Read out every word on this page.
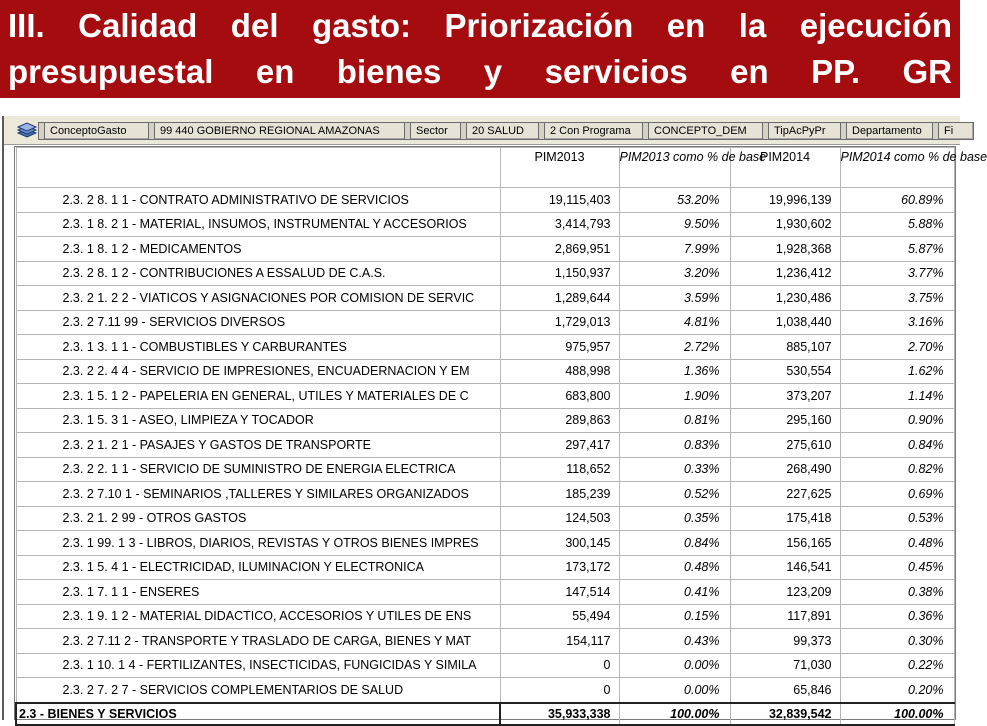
III. Calidad del gasto: Priorización en la ejecución
presupuestal en bienes y servicios en PP. GR
ConceptoGasto	99 440 GOBIERNO REGIONAL AMAZONAS	Sector	20 SALUD	2 Con Programa	CONCEPTO_DEM	TipAcPyPr	Departamento	Fi
	PIM2013	PIM2013 como % de base	PIM2014	PIM2014 como % de base
2.3. 2 8. 1 1 - CONTRATO ADMINISTRATIVO DE SERVICIOS	19,115,403	53.20%	19,996,139	60.89%
2.3. 1 8. 2 1 - MATERIAL, INSUMOS, INSTRUMENTAL Y ACCESORIOS	3,414,793	9.50%	1,930,602	5.88%
2.3. 1 8. 1 2 - MEDICAMENTOS	2,869,951	7.99%	1,928,368	5.87%
2.3. 2 8. 1 2 - CONTRIBUCIONES A ESSALUD DE C.A.S.	1,150,937	3.20%	1,236,412	3.77%
2.3. 2 1. 2 2 - VIATICOS Y ASIGNACIONES POR COMISION DE SERVIC	1,289,644	3.59%	1,230,486	3.75%
2.3. 2 7.11 99 - SERVICIOS DIVERSOS	1,729,013	4.81%	1,038,440	3.16%
2.3. 1 3. 1 1 - COMBUSTIBLES Y CARBURANTES	975,957	2.72%	885,107	2.70%
2.3. 2 2. 4 4 - SERVICIO DE IMPRESIONES, ENCUADERNACION Y EM	488,998	1.36%	530,554	1.62%
2.3. 1 5. 1 2 - PAPELERIA EN GENERAL, UTILES Y MATERIALES DE C	683,800	1.90%	373,207	1.14%
2.3. 1 5. 3 1 - ASEO, LIMPIEZA Y TOCADOR	289,863	0.81%	295,160	0.90%
2.3. 2 1. 2 1 - PASAJES Y GASTOS DE TRANSPORTE	297,417	0.83%	275,610	0.84%
2.3. 2 2. 1 1 - SERVICIO DE SUMINISTRO DE ENERGIA ELECTRICA	118,652	0.33%	268,490	0.82%
2.3. 2 7.10 1 - SEMINARIOS ,TALLERES Y SIMILARES ORGANIZADOS	185,239	0.52%	227,625	0.69%
2.3. 2 1. 2 99 - OTROS GASTOS	124,503	0.35%	175,418	0.53%
2.3. 1 99. 1 3 - LIBROS, DIARIOS, REVISTAS Y OTROS BIENES IMPRES	300,145	0.84%	156,165	0.48%
2.3. 1 5. 4 1 - ELECTRICIDAD, ILUMINACION Y ELECTRONICA	173,172	0.48%	146,541	0.45%
2.3. 1 7. 1 1 - ENSERES	147,514	0.41%	123,209	0.38%
2.3. 1 9. 1 2 - MATERIAL DIDACTICO, ACCESORIOS Y UTILES DE ENS	55,494	0.15%	117,891	0.36%
2.3. 2 7.11 2 - TRANSPORTE Y TRASLADO DE CARGA, BIENES Y MAT	154,117	0.43%	99,373	0.30%
2.3. 1 10. 1 4 - FERTILIZANTES, INSECTICIDAS, FUNGICIDAS Y SIMILA	0	0.00%	71,030	0.22%
2.3. 2 7. 2 7 - SERVICIOS COMPLEMENTARIOS DE SALUD	0	0.00%	65,846	0.20%
2.3 - BIENES Y SERVICIOS	35,933,338	100.00%	32,839,542	100.00%
